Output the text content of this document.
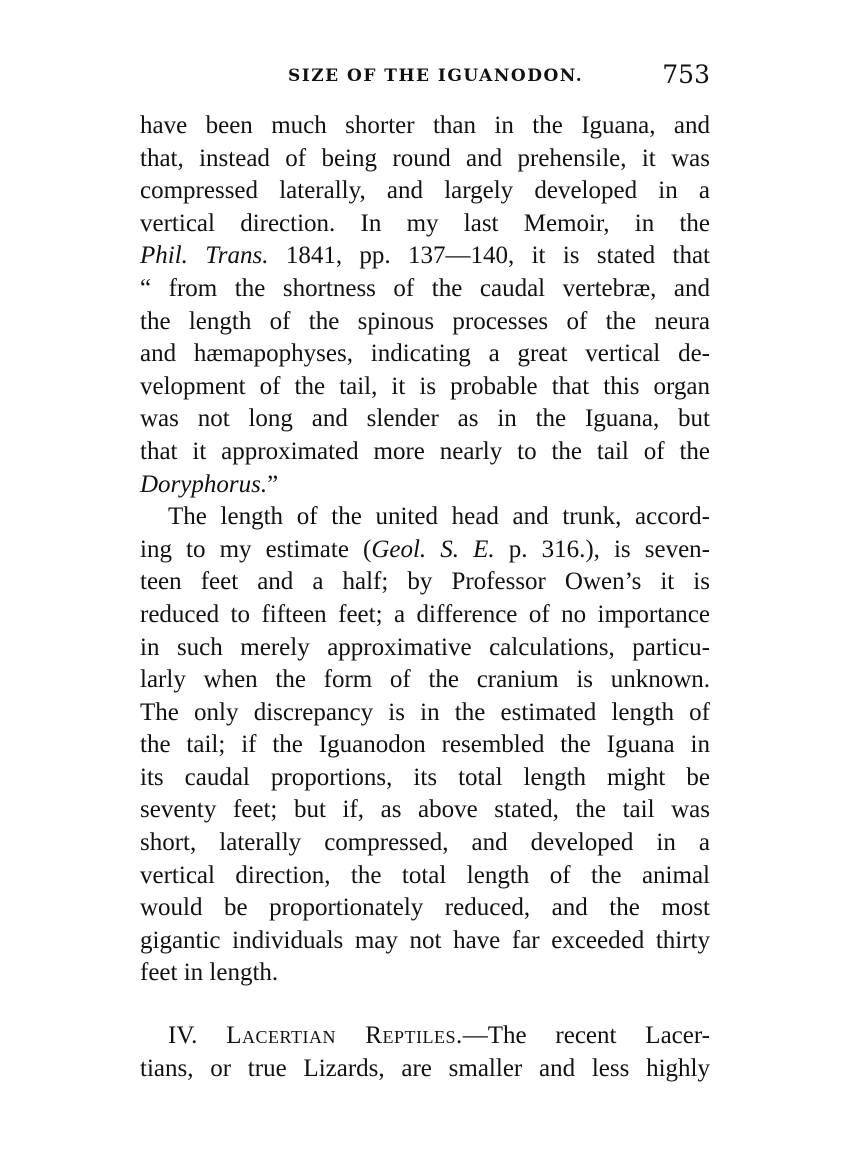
SIZE OF THE IGUANODON.	753
have been much shorter than in the Iguana, and
that, instead of being round and prehensile, it was
compressed laterally, and largely developed in a
vertical direction. In my last Memoir, in the
Phil. Trans. 1841, pp. 137—140, it is stated that
“ from the shortness of the caudal vertebræ, and
the length of the spinous processes of the neura
and hæmapophyses, indicating a great vertical de-
velopment of the tail, it is probable that this organ
was not long and slender as in the Iguana, but
that it approximated more nearly to the tail of the
Doryphorus.”
The length of the united head and trunk, accord-
ing to my estimate (Geol. S. E. p. 316.), is seven-
teen feet and a half; by Professor Owen’s it is
reduced to fifteen feet; a difference of no importance
in such merely approximative calculations, particu-
larly when the form of the cranium is unknown.
The only discrepancy is in the estimated length of
the tail; if the Iguanodon resembled the Iguana in
its caudal proportions, its total length might be
seventy feet; but if, as above stated, the tail was
short, laterally compressed, and developed in a
vertical direction, the total length of the animal
would be proportionately reduced, and the most
gigantic individuals may not have far exceeded thirty
feet in length.
IV. Lacertian Reptiles.—The recent Lacer-
tians, or true Lizards, are smaller and less highly
